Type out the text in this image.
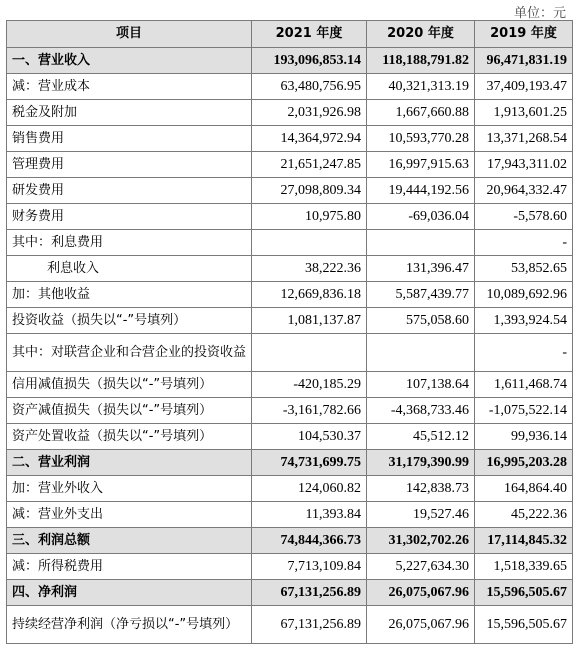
单位：元
项目	2021 年度	2020 年度	2019 年度
一、营业收入	193,096,853.14	118,188,791.82	96,471,831.19
减：营业成本	63,480,756.95	40,321,313.19	37,409,193.47
税金及附加	2,031,926.98	1,667,660.88	1,913,601.25
销售费用	14,364,972.94	10,593,770.28	13,371,268.54
管理费用	21,651,247.85	16,997,915.63	17,943,311.02
研发费用	27,098,809.34	19,444,192.56	20,964,332.47
财务费用	10,975.80	-69,036.04	-5,578.60
其中：利息费用			-
利息收入	38,222.36	131,396.47	53,852.65
加：其他收益	12,669,836.18	5,587,439.77	10,089,692.96
投资收益（损失以“-”号填列）	1,081,137.87	575,058.60	1,393,924.54
其中：对联营企业和合营企业的投资收益			-
信用减值损失（损失以“-”号填列）	-420,185.29	107,138.64	1,611,468.74
资产减值损失（损失以“-”号填列）	-3,161,782.66	-4,368,733.46	-1,075,522.14
资产处置收益（损失以“-”号填列）	104,530.37	45,512.12	99,936.14
二、营业利润	74,731,699.75	31,179,390.99	16,995,203.28
加：营业外收入	124,060.82	142,838.73	164,864.40
减：营业外支出	11,393.84	19,527.46	45,222.36
三、利润总额	74,844,366.73	31,302,702.26	17,114,845.32
减：所得税费用	7,713,109.84	5,227,634.30	1,518,339.65
四、净利润	67,131,256.89	26,075,067.96	15,596,505.67
持续经营净利润（净亏损以“-”号填列）	67,131,256.89	26,075,067.96	15,596,505.67
